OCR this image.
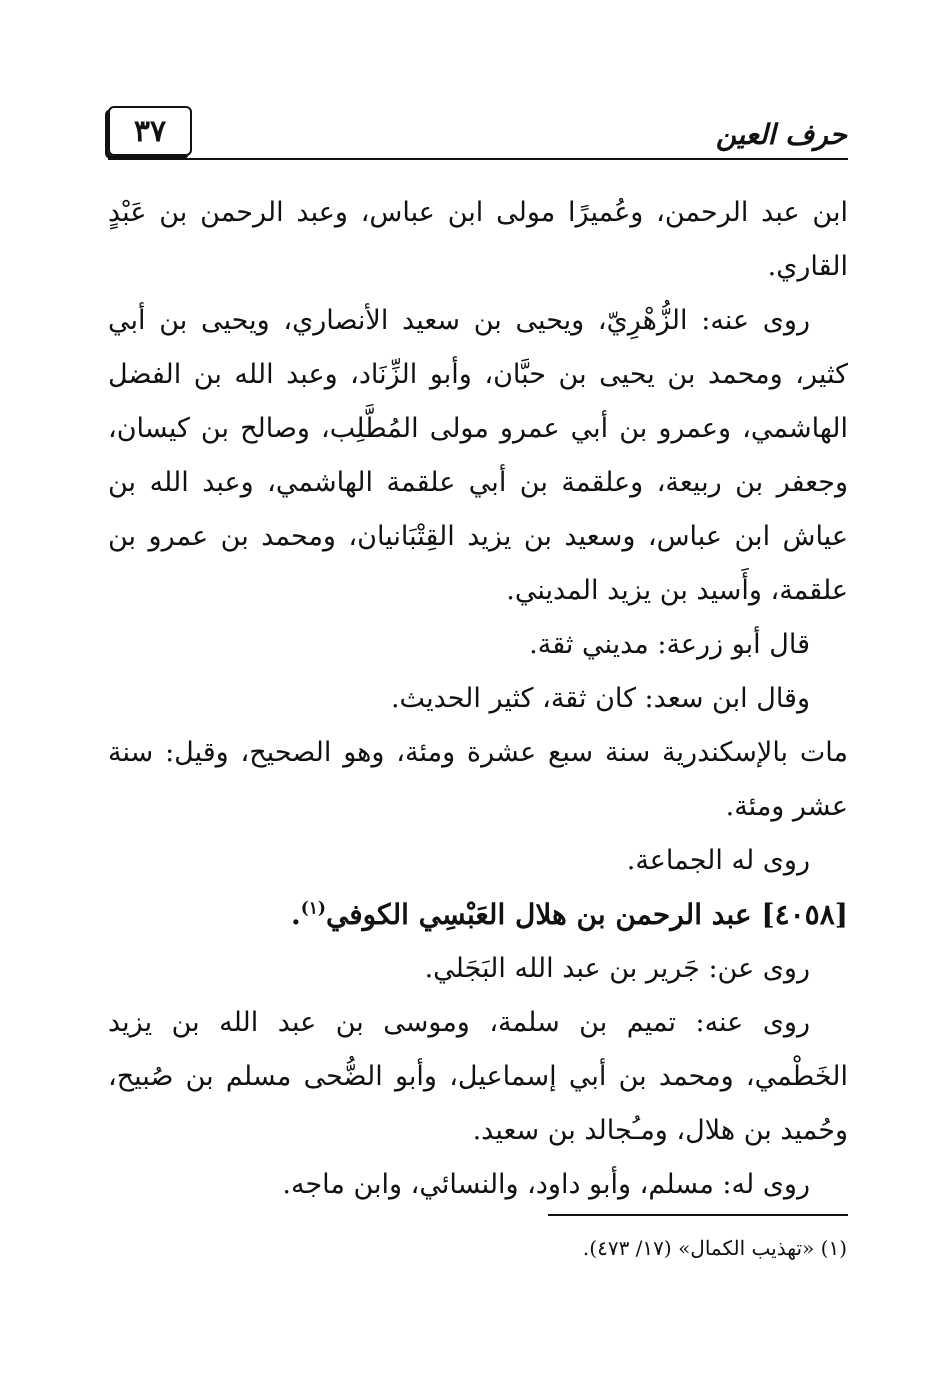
٣٧	حرف العين

ابن عبد الرحمن، وعُميرًا مولى ابن عباس، وعبد الرحمن بن عَبْدٍ القاري.

روى عنه: الزُّهْرِيّ، ويحيى بن سعيد الأنصاري، ويحيى بن أبي كثير، ومحمد بن يحيى بن حبَّان، وأبو الزِّنَاد، وعبد الله بن الفضل الهاشمي، وعمرو بن أبي عمرو مولى المُطَّلِب، وصالح بن كيسان، وجعفر بن ربيعة، وعلقمة بن أبي علقمة الهاشمي، وعبد الله بن عياش ابن عباس، وسعيد بن يزيد القِتْبَانيان، ومحمد بن عمرو بن علقمة، وأَسيد بن يزيد المديني.

قال أبو زرعة: مديني ثقة.

وقال ابن سعد: كان ثقة، كثير الحديث.

مات بالإسكندرية سنة سبع عشرة ومئة، وهو الصحيح، وقيل: سنة عشر ومئة.

روى له الجماعة.

[٤٠٥٨] عبد الرحمن بن هلال العَبْسِي الكوفي$^{(١)}$.

روى عن: جَرير بن عبد الله البَجَلي.

روى عنه: تميم بن سلمة، وموسى بن عبد الله بن يزيد الخَطْمي، ومحمد بن أبي إسماعيل، وأبو الضُّحى مسلم بن صُبيح، وحُميد بن هلال، ومـُجالد بن سعيد.

روى له: مسلم، وأبو داود، والنسائي، وابن ماجه.

(١) «تهذيب الكمال» (١٧/ ٤٧٣).
